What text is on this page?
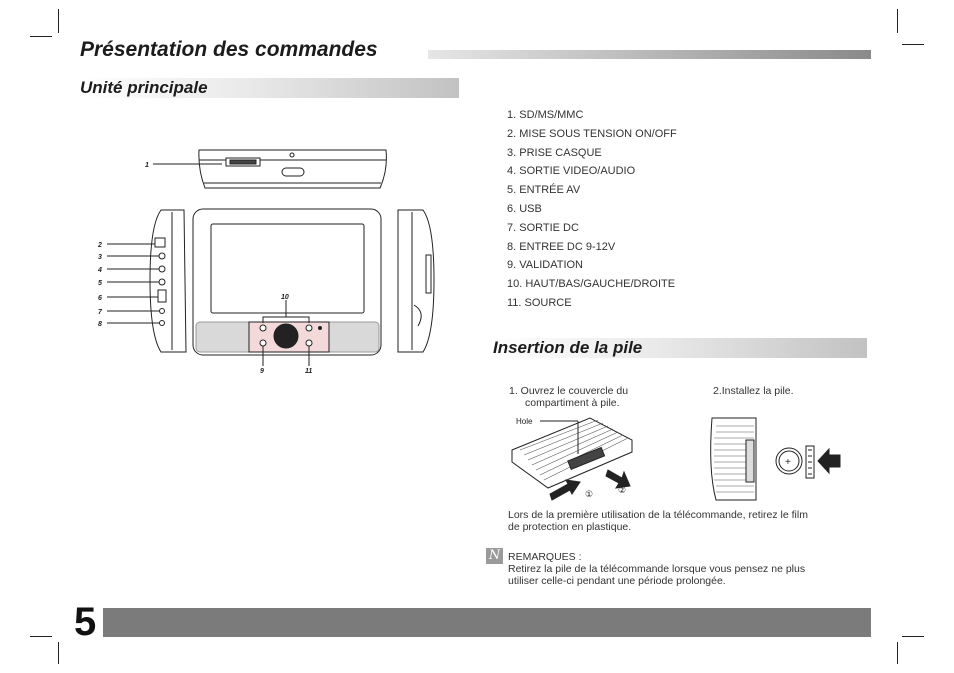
Présentation des commandes
Unité principale
1
2
3
4
5
6
7
8
9
10
11
1. SD/MS/MMC
2. MISE SOUS TENSION ON/OFF
3. PRISE CASQUE
4. SORTIE VIDEO/AUDIO
5. ENTRÉE AV
6. USB
7. SORTIE DC
8. ENTREE DC 9-12V
9. VALIDATION
10. HAUT/BAS/GAUCHE/DROITE
11. SOURCE
Insertion de la pile
1. Ouvrez le couvercle du
compartiment à pile.
2.Installez la pile.
Hole
①	②
+
Lors de la première utilisation de la télécommande, retirez le film
de protection en plastique.
N REMARQUES :
Retirez la pile de la télécommande lorsque vous pensez ne plus
utiliser celle-ci pendant une période prolongée.
5
